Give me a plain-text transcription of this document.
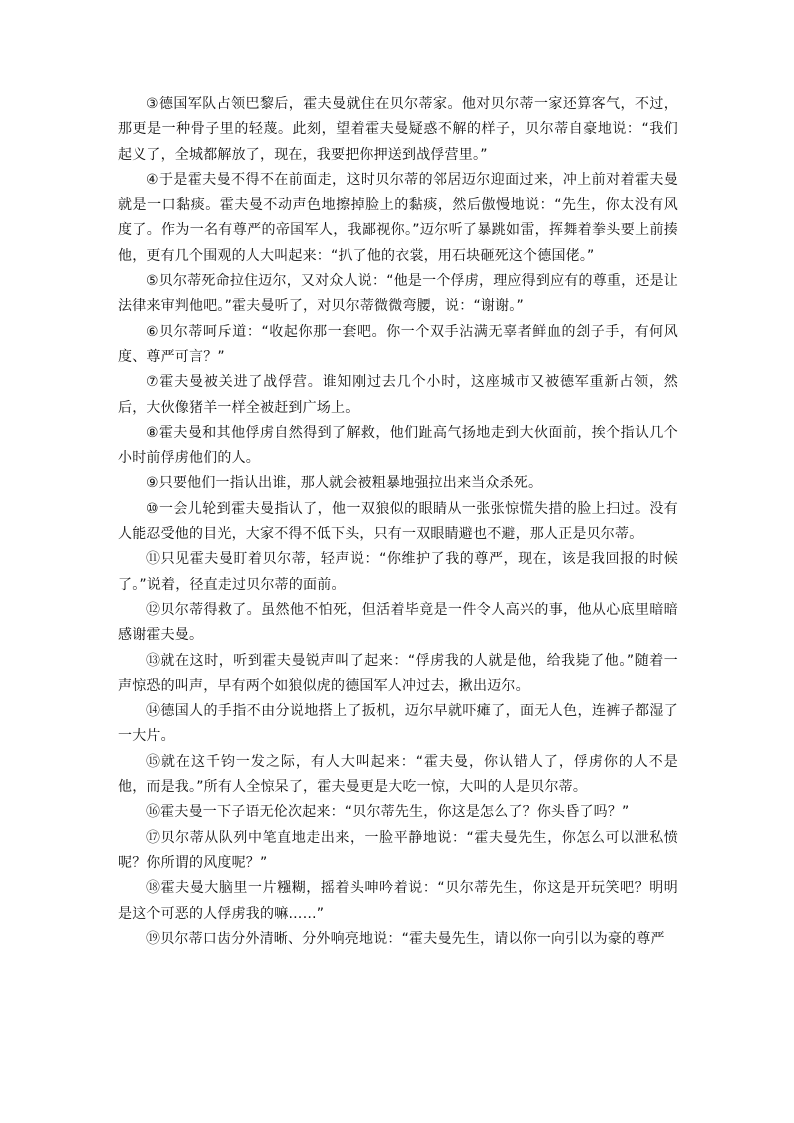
③德国军队占领巴黎后，霍夫曼就住在贝尔蒂家。他对贝尔蒂一家还算客气，不过，那更是一种骨子里的轻蔑。此刻，望着霍夫曼疑惑不解的样子，贝尔蒂自豪地说：“我们起义了，全城都解放了，现在，我要把你押送到战俘营里。”

④于是霍夫曼不得不在前面走，这时贝尔蒂的邻居迈尔迎面过来，冲上前对着霍夫曼就是一口黏痰。霍夫曼不动声色地擦掉脸上的黏痰，然后傲慢地说：“先生，你太没有风度了。作为一名有尊严的帝国军人，我鄙视你。”迈尔听了暴跳如雷，挥舞着拳头要上前揍他，更有几个围观的人大叫起来：“扒了他的衣裳，用石块砸死这个德国佬。”

⑤贝尔蒂死命拉住迈尔，又对众人说：“他是一个俘虏，理应得到应有的尊重，还是让法律来审判他吧。”霍夫曼听了，对贝尔蒂微微弯腰，说：“谢谢。”

⑥贝尔蒂呵斥道：“收起你那一套吧。你一个双手沾满无辜者鲜血的刽子手，有何风度、尊严可言？”

⑦霍夫曼被关进了战俘营。谁知刚过去几个小时，这座城市又被德军重新占领，然后，大伙像猪羊一样全被赶到广场上。

⑧霍夫曼和其他俘虏自然得到了解救，他们趾高气扬地走到大伙面前，挨个指认几个小时前俘虏他们的人。

⑨只要他们一指认出谁，那人就会被粗暴地强拉出来当众杀死。

⑩一会儿轮到霍夫曼指认了，他一双狼似的眼睛从一张张惊慌失措的脸上扫过。没有人能忍受他的目光，大家不得不低下头，只有一双眼睛避也不避，那人正是贝尔蒂。

⑪只见霍夫曼盯着贝尔蒂，轻声说：“你维护了我的尊严，现在，该是我回报的时候了。”说着，径直走过贝尔蒂的面前。

⑫贝尔蒂得救了。虽然他不怕死，但活着毕竟是一件令人高兴的事，他从心底里暗暗感谢霍夫曼。

⑬就在这时，听到霍夫曼锐声叫了起来：“俘虏我的人就是他，给我毙了他。”随着一声惊恐的叫声，早有两个如狼似虎的德国军人冲过去，揪出迈尔。

⑭德国人的手指不由分说地搭上了扳机，迈尔早就吓瘫了，面无人色，连裤子都湿了一大片。

⑮就在这千钧一发之际，有人大叫起来：“霍夫曼，你认错人了，俘虏你的人不是他，而是我。”所有人全惊呆了，霍夫曼更是大吃一惊，大叫的人是贝尔蒂。

⑯霍夫曼一下子语无伦次起来：“贝尔蒂先生，你这是怎么了？你头昏了吗？”

⑰贝尔蒂从队列中笔直地走出来，一脸平静地说：“霍夫曼先生，你怎么可以泄私愤呢？你所谓的风度呢？”

⑱霍夫曼大脑里一片糨糊，摇着头呻吟着说：“贝尔蒂先生，你这是开玩笑吧？明明是这个可恶的人俘虏我的嘛……”

⑲贝尔蒂口齿分外清晰、分外响亮地说：“霍夫曼先生，请以你一向引以为豪的尊严
